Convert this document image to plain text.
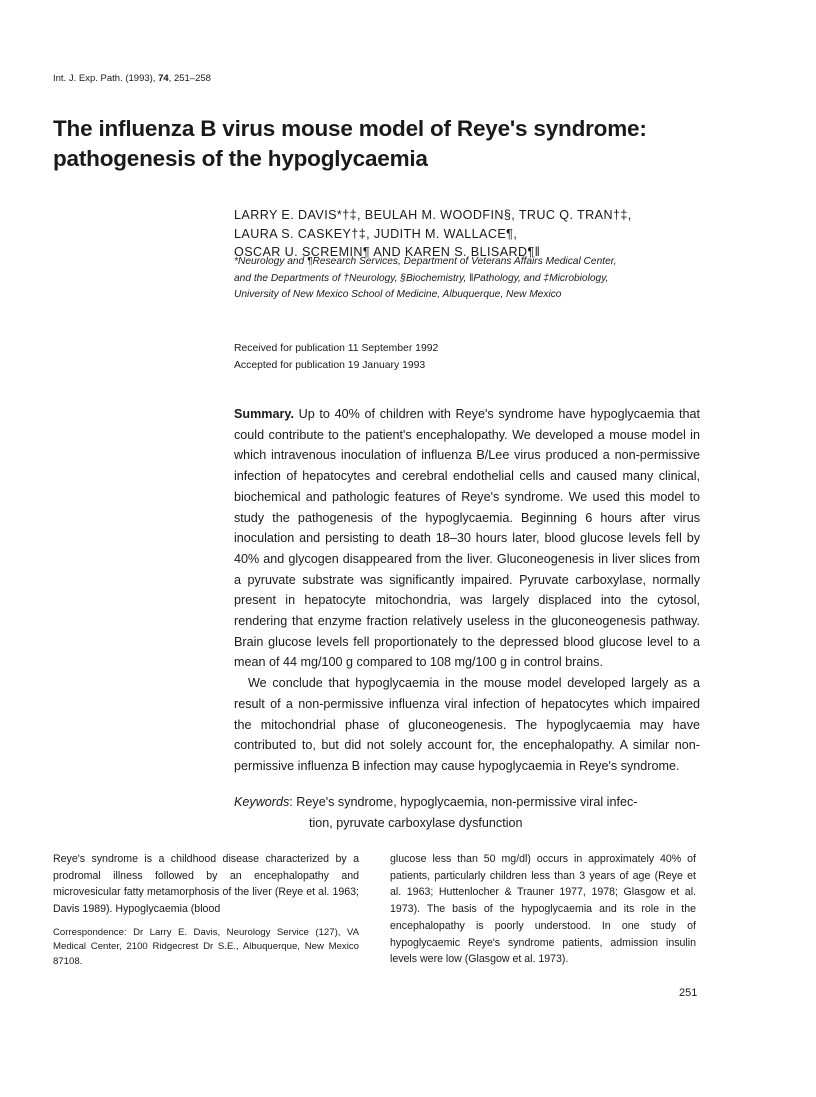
Int. J. Exp. Path. (1993), 74, 251–258
The influenza B virus mouse model of Reye's syndrome:
pathogenesis of the hypoglycaemia
LARRY E. DAVIS*†‡, BEULAH M. WOODFIN§, TRUC Q. TRAN†‡,
LAURA S. CASKEY†‡, JUDITH M. WALLACE¶,
OSCAR U. SCREMIN¶ AND KAREN S. BLISARD¶‖
*Neurology and ¶Research Services, Department of Veterans Affairs Medical Center,
and the Departments of †Neurology, §Biochemistry, ‖Pathology, and ‡Microbiology,
University of New Mexico School of Medicine, Albuquerque, New Mexico
Received for publication 11 September 1992
Accepted for publication 19 January 1993

Summary. Up to 40% of children with Reye's syndrome have hypoglycaemia that could contribute to the patient's encephalopathy. We developed a mouse model in which intravenous inoculation of influenza B/Lee virus produced a non-permissive infection of hepatocytes and cerebral endothelial cells and caused many clinical, biochemical and pathologic features of Reye's syndrome. We used this model to study the pathogenesis of the hypoglycaemia. Beginning 6 hours after virus inoculation and persisting to death 18–30 hours later, blood glucose levels fell by 40% and glycogen disappeared from the liver. Gluconeogenesis in liver slices from a pyruvate substrate was significantly impaired. Pyruvate carboxylase, normally present in hepatocyte mitochondria, was largely displaced into the cytosol, rendering that enzyme fraction relatively useless in the gluconeogenesis pathway. Brain glucose levels fell proportionately to the depressed blood glucose level to a mean of 44 mg/100 g compared to 108 mg/100 g in control brains.

We conclude that hypoglycaemia in the mouse model developed largely as a result of a non-permissive influenza viral infection of hepatocytes which impaired the mitochondrial phase of gluconeogenesis. The hypoglycaemia may have contributed to, but did not solely account for, the encephalopathy. A similar non-permissive influenza B infection may cause hypoglycaemia in Reye's syndrome.

Keywords: Reye's syndrome, hypoglycaemia, non-permissive viral infec-
tion, pyruvate carboxylase dysfunction

Reye's syndrome is a childhood disease characterized by a prodromal illness followed by an encephalopathy and microvesicular fatty metamorphosis of the liver (Reye et al. 1963; Davis 1989). Hypoglycaemia (blood

Correspondence: Dr Larry E. Davis, Neurology Service (127), VA Medical Center, 2100 Ridgecrest Dr S.E., Albuquerque, New Mexico 87108.

glucose less than 50 mg/dl) occurs in approximately 40% of patients, particularly children less than 3 years of age (Reye et al. 1963; Huttenlocher & Trauner 1977, 1978; Glasgow et al. 1973). The basis of the hypoglycaemia and its role in the encephalopathy is poorly understood. In one study of hypoglycaemic Reye's syndrome patients, admission insulin levels were low (Glasgow et al. 1973).

251
